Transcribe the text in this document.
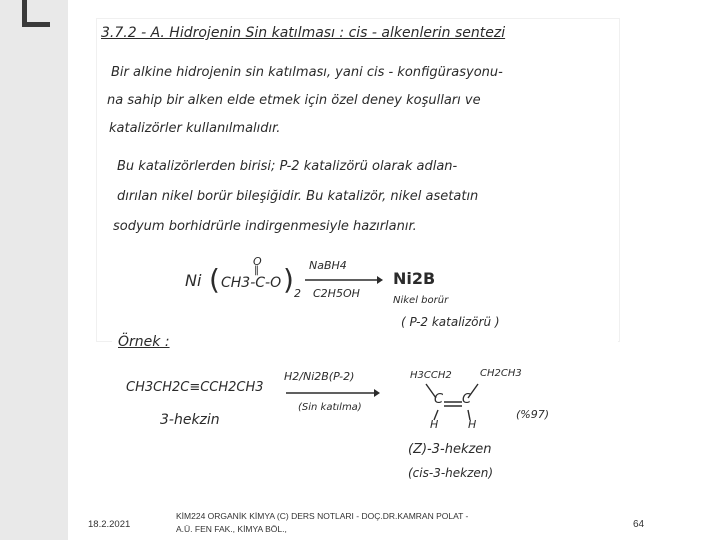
3.7.2 - A. Hidrojenin Sin katılması : cis - alkenlerin sentezi
Bir alkine hidrojenin sin katılması, yani cis - konfigürasyonu-
na sahip bir alken elde etmek için özel deney koşulları ve
katalizörler kullanılmalıdır.
Bu katalizörlerden birisi; P-2 katalizörü olarak adlan-
dırılan nikel borür bileşiğidir. Bu katalizör, nikel asetatın
sodyum borhidrürle indirgenmesiyle hazırlanır.
Ni (
O
‖
CH3-C-O ) 2
NaBH4
C2H5OH
Ni2B
Nikel borür
( P-2 katalizörü )
Örnek :
CH3CH2C≡CCH2CH3
3-hekzin
H2/Ni2B(P-2)
(Sin katılma)
H3CCH2	CH2CH3
C C
H	H
(%97)
(Z)-3-hekzen
(cis-3-hekzen)
18.2.2021
KİM224 ORGANİK KİMYA (C) DERS NOTLARI - DOÇ.DR.KAMRAN POLAT -
A.Ü. FEN FAK., KİMYA BÖL.,	64
